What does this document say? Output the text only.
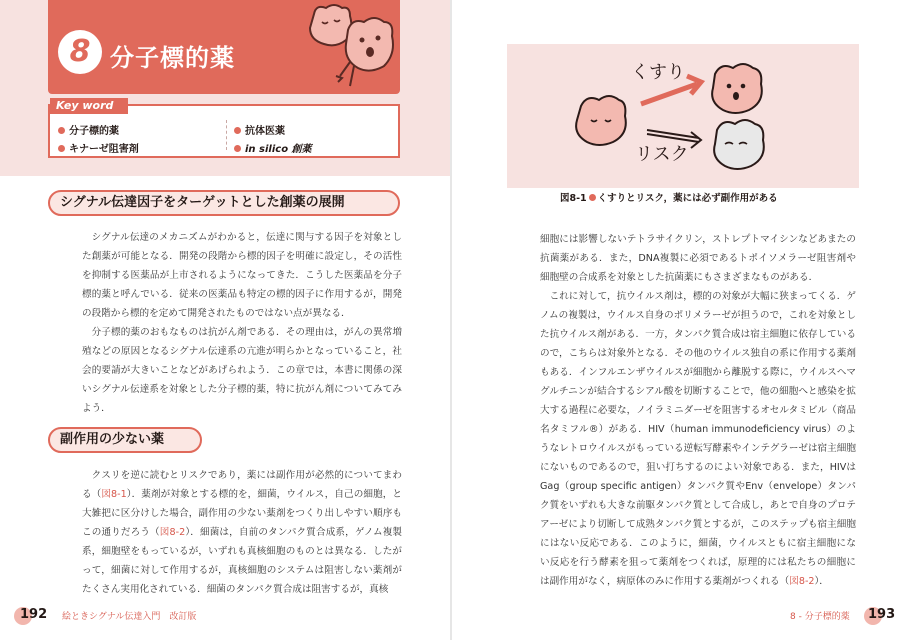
8 分子標的薬
Key word
分子標的薬
キナーゼ阻害剤
抗体医薬
in silico 創薬
シグナル伝達因子をターゲットとした創薬の展開

シグナル伝達のメカニズムがわかると，伝達に関与する因子を対象とした創薬が可能となる．開発の段階から標的因子を明確に設定し，その活性を抑制する医薬品が上市されるようになってきた．こうした医薬品を分子標的薬と呼んでいる．従来の医薬品も特定の標的因子に作用するが，開発の段階から標的を定めて開発されたものではない点が異なる．

分子標的薬のおもなものは抗がん剤である．その理由は，がんの異常増殖などの原因となるシグナル伝達系の亢進が明らかとなっていること，社会的要請が大きいことなどがあげられよう．この章では，本書に関係の深いシグナル伝達系を対象とした分子標的薬，特に抗がん剤についてみてみよう．

副作用の少ない薬

クスリを逆に読むとリスクであり，薬には副作用が必然的についてまわる（図8-1）．薬剤が対象とする標的を，細菌，ウイルス，自己の細胞，と大雑把に区分けした場合，副作用の少ない薬剤をつくり出しやすい順序もこの通りだろう（図8-2）．細菌は，自前のタンパク質合成系，ゲノム複製系，細胞壁をもっているが，いずれも真核細胞のものとは異なる．したがって，細菌に対して作用するが，真核細胞のシステムは阻害しない薬剤がたくさん実用化されている．細菌のタンパク質合成は阻害するが，真核

192 絵ときシグナル伝達入門　改訂版
くすり
リスク
図8-1 くすりとリスク，薬には必ず副作用がある

細胞には影響しないテトラサイクリン，ストレプトマイシンなどあまたの抗菌薬がある．また，DNA複製に必須であるトポイソメラーゼ阻害剤や細胞壁の合成系を対象とした抗菌薬にもさまざまなものがある．

これに対して，抗ウイルス剤は，標的の対象が大幅に狭まってくる．ゲノムの複製は，ウイルス自身のポリメラーゼが担うので，これを対象とした抗ウイルス剤がある．一方，タンパク質合成は宿主細胞に依存しているので，こちらは対象外となる．その他のウイルス独自の系に作用する薬剤もある．インフルエンザウイルスが細胞から離脱する際に，ウイルスヘマグルチニンが結合するシアル酸を切断することで，他の細胞へと感染を拡大する過程に必要な，ノイラミニダーゼを阻害するオセルタミビル（商品名タミフル®）がある．HIV（human immunodeficiency virus）のようなレトロウイルスがもっている逆転写酵素やインテグラーゼは宿主細胞にないものであるので，狙い打ちするのによい対象である．また，HIVはGag（group specific antigen）タンパク質やEnv（envelope）タンパク質をいずれも大きな前駆タンパク質として合成し，あとで自身のプロテアーゼにより切断して成熟タンパク質とするが，このステップも宿主細胞にはない反応である．このように，細菌，ウイルスともに宿主細胞にない反応を行う酵素を狙って薬剤をつくれば，原理的には私たちの細胞には副作用がなく，病原体のみに作用する薬剤がつくれる（図8-2）．

8 - 分子標的薬 193
